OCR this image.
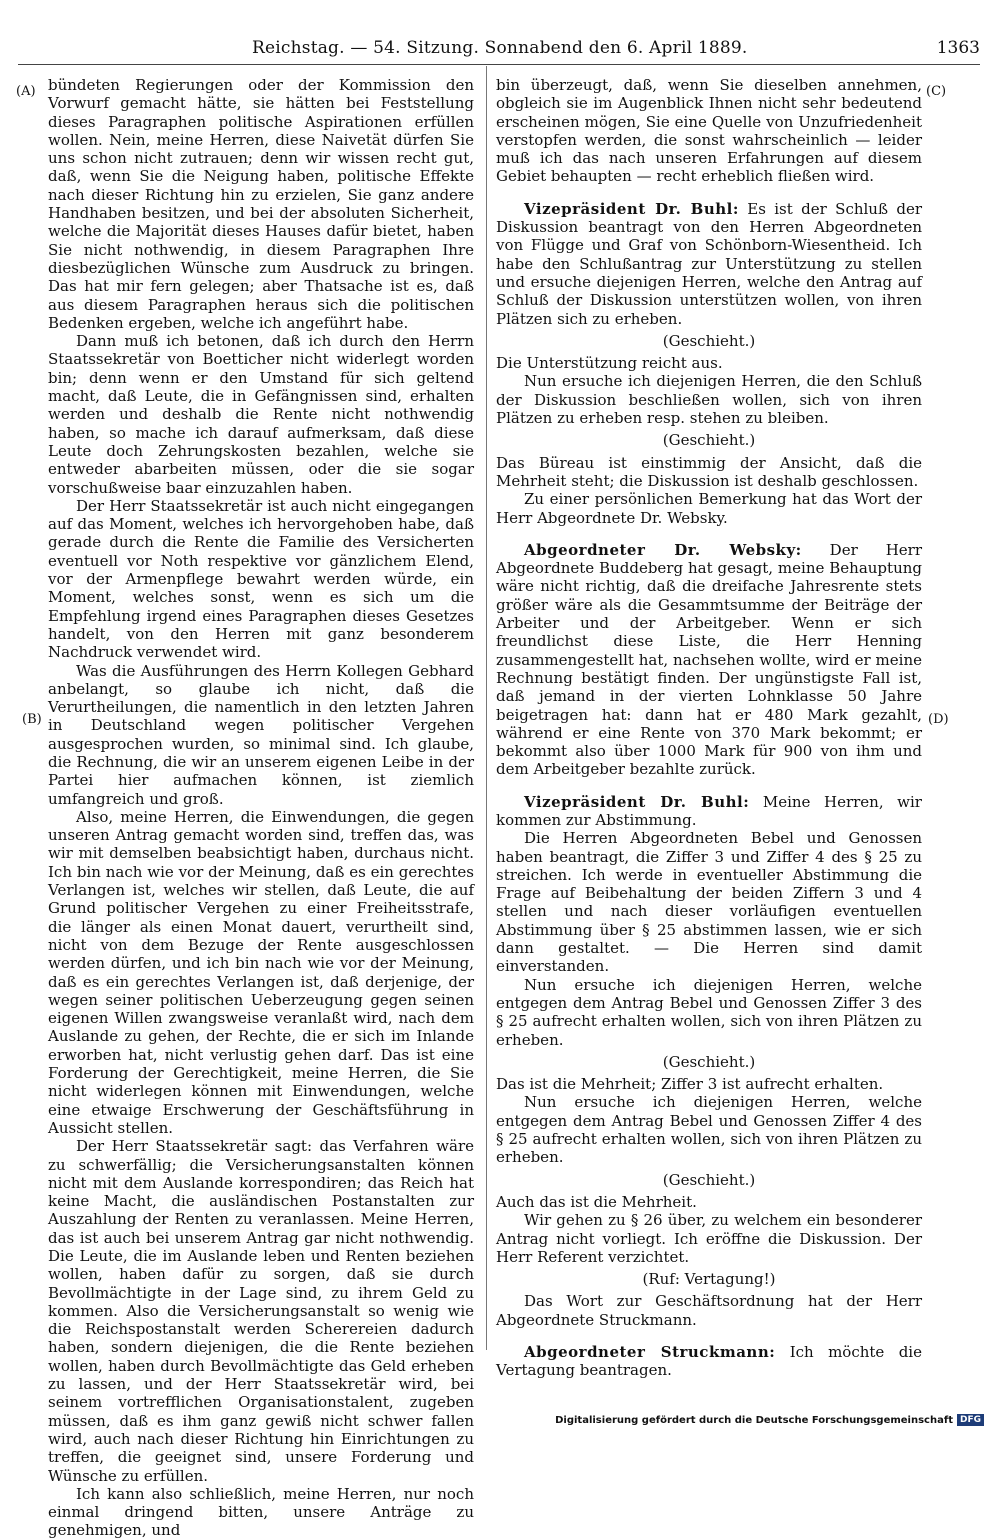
Reichstag. — 54. Sitzung. Sonnabend den 6. April 1889.	1363
(A)
(B)
(C)
(D)

bündeten Regierungen oder der Kommission den Vorwurf gemacht hätte, sie hätten bei Feststellung dieses Paragraphen politische Aspirationen erfüllen wollen. Nein, meine Herren, diese Naivetät dürfen Sie uns schon nicht zutrauen; denn wir wissen recht gut, daß, wenn Sie die Neigung haben, politische Effekte nach dieser Richtung hin zu erzielen, Sie ganz andere Handhaben besitzen, und bei der absoluten Sicherheit, welche die Majorität dieses Hauses dafür bietet, haben Sie nicht nothwendig, in diesem Paragraphen Ihre diesbezüglichen Wünsche zum Ausdruck zu bringen. Das hat mir fern gelegen; aber Thatsache ist es, daß aus diesem Paragraphen heraus sich die politischen Bedenken ergeben, welche ich angeführt habe.

Dann muß ich betonen, daß ich durch den Herrn Staatssekretär von Boetticher nicht widerlegt worden bin; denn wenn er den Umstand für sich geltend macht, daß Leute, die in Gefängnissen sind, erhalten werden und deshalb die Rente nicht nothwendig haben, so mache ich darauf aufmerksam, daß diese Leute doch Zehrungskosten bezahlen, welche sie entweder abarbeiten müssen, oder die sie sogar vorschußweise baar einzuzahlen haben.

Der Herr Staatssekretär ist auch nicht eingegangen auf das Moment, welches ich hervorgehoben habe, daß gerade durch die Rente die Familie des Versicherten eventuell vor Noth respektive vor gänzlichem Elend, vor der Armenpflege bewahrt werden würde, ein Moment, welches sonst, wenn es sich um die Empfehlung irgend eines Paragraphen dieses Gesetzes handelt, von den Herren mit ganz besonderem Nachdruck verwendet wird.

Was die Ausführungen des Herrn Kollegen Gebhard anbelangt, so glaube ich nicht, daß die Verurtheilungen, die namentlich in den letzten Jahren in Deutschland wegen politischer Vergehen ausgesprochen wurden, so minimal sind. Ich glaube, die Rechnung, die wir an unserem eigenen Leibe in der Partei hier aufmachen können, ist ziemlich umfangreich und groß.

Also, meine Herren, die Einwendungen, die gegen unseren Antrag gemacht worden sind, treffen das, was wir mit demselben beabsichtigt haben, durchaus nicht. Ich bin nach wie vor der Meinung, daß es ein gerechtes Verlangen ist, welches wir stellen, daß Leute, die auf Grund politischer Vergehen zu einer Freiheitsstrafe, die länger als einen Monat dauert, verurtheilt sind, nicht von dem Bezuge der Rente ausgeschlossen werden dürfen, und ich bin nach wie vor der Meinung, daß es ein gerechtes Verlangen ist, daß derjenige, der wegen seiner politischen Ueberzeugung gegen seinen eigenen Willen zwangsweise veranlaßt wird, nach dem Auslande zu gehen, der Rechte, die er sich im Inlande erworben hat, nicht verlustig gehen darf. Das ist eine Forderung der Gerechtigkeit, meine Herren, die Sie nicht widerlegen können mit Einwendungen, welche eine etwaige Erschwerung der Geschäftsführung in Aussicht stellen.

Der Herr Staatssekretär sagt: das Verfahren wäre zu schwerfällig; die Versicherungsanstalten können nicht mit dem Auslande korrespondiren; das Reich hat keine Macht, die ausländischen Postanstalten zur Auszahlung der Renten zu veranlassen. Meine Herren, das ist auch bei unserem Antrag gar nicht nothwendig. Die Leute, die im Auslande leben und Renten beziehen wollen, haben dafür zu sorgen, daß sie durch Bevollmächtigte in der Lage sind, zu ihrem Geld zu kommen. Also die Versicherungsanstalt so wenig wie die Reichspostanstalt werden Scherereien dadurch haben, sondern diejenigen, die die Rente beziehen wollen, haben durch Bevollmächtigte das Geld erheben zu lassen, und der Herr Staatssekretär wird, bei seinem vortrefflichen Organisationstalent, zugeben müssen, daß es ihm ganz gewiß nicht schwer fallen wird, auch nach dieser Richtung hin Einrichtungen zu treffen, die geeignet sind, unsere Forderung und Wünsche zu erfüllen.

Ich kann also schließlich, meine Herren, nur noch einmal dringend bitten, unsere Anträge zu genehmigen, und

bin überzeugt, daß, wenn Sie dieselben annehmen, obgleich sie im Augenblick Ihnen nicht sehr bedeutend erscheinen mögen, Sie eine Quelle von Unzufriedenheit verstopfen werden, die sonst wahrscheinlich — leider muß ich das nach unseren Erfahrungen auf diesem Gebiet behaupten — recht erheblich fließen wird.

Vizepräsident Dr. Buhl: Es ist der Schluß der Diskussion beantragt von den Herren Abgeordneten von Flügge und Graf von Schönborn-Wiesentheid. Ich habe den Schlußantrag zur Unterstützung zu stellen und ersuche diejenigen Herren, welche den Antrag auf Schluß der Diskussion unterstützen wollen, von ihren Plätzen sich zu erheben.

(Geschieht.)

Die Unterstützung reicht aus.

Nun ersuche ich diejenigen Herren, die den Schluß der Diskussion beschließen wollen, sich von ihren Plätzen zu erheben resp. stehen zu bleiben.

(Geschieht.)

Das Büreau ist einstimmig der Ansicht, daß die Mehrheit steht; die Diskussion ist deshalb geschlossen.

Zu einer persönlichen Bemerkung hat das Wort der Herr Abgeordnete Dr. Websky.

Abgeordneter Dr. Websky: Der Herr Abgeordnete Buddeberg hat gesagt, meine Behauptung wäre nicht richtig, daß die dreifache Jahresrente stets größer wäre als die Gesammtsumme der Beiträge der Arbeiter und der Arbeitgeber. Wenn er sich freundlichst diese Liste, die Herr Henning zusammengestellt hat, nachsehen wollte, wird er meine Rechnung bestätigt finden. Der ungünstigste Fall ist, daß jemand in der vierten Lohnklasse 50 Jahre beigetragen hat: dann hat er 480 Mark gezahlt, während er eine Rente von 370 Mark bekommt; er bekommt also über 1000 Mark für 900 von ihm und dem Arbeitgeber bezahlte zurück.

Vizepräsident Dr. Buhl: Meine Herren, wir kommen zur Abstimmung.

Die Herren Abgeordneten Bebel und Genossen haben beantragt, die Ziffer 3 und Ziffer 4 des § 25 zu streichen. Ich werde in eventueller Abstimmung die Frage auf Beibehaltung der beiden Ziffern 3 und 4 stellen und nach dieser vorläufigen eventuellen Abstimmung über § 25 abstimmen lassen, wie er sich dann gestaltet. — Die Herren sind damit einverstanden.

Nun ersuche ich diejenigen Herren, welche entgegen dem Antrag Bebel und Genossen Ziffer 3 des § 25 aufrecht erhalten wollen, sich von ihren Plätzen zu erheben.

(Geschieht.)

Das ist die Mehrheit; Ziffer 3 ist aufrecht erhalten.

Nun ersuche ich diejenigen Herren, welche entgegen dem Antrag Bebel und Genossen Ziffer 4 des § 25 aufrecht erhalten wollen, sich von ihren Plätzen zu erheben.

(Geschieht.)

Auch das ist die Mehrheit.

Wir gehen zu § 26 über, zu welchem ein besonderer Antrag nicht vorliegt. Ich eröffne die Diskussion. Der Herr Referent verzichtet.

(Ruf: Vertagung!)

Das Wort zur Geschäftsordnung hat der Herr Abgeordnete Struckmann.

Abgeordneter Struckmann: Ich möchte die Vertagung beantragen.

Digitalisierung gefördert durch die Deutsche Forschungsgemeinschaft DFG
